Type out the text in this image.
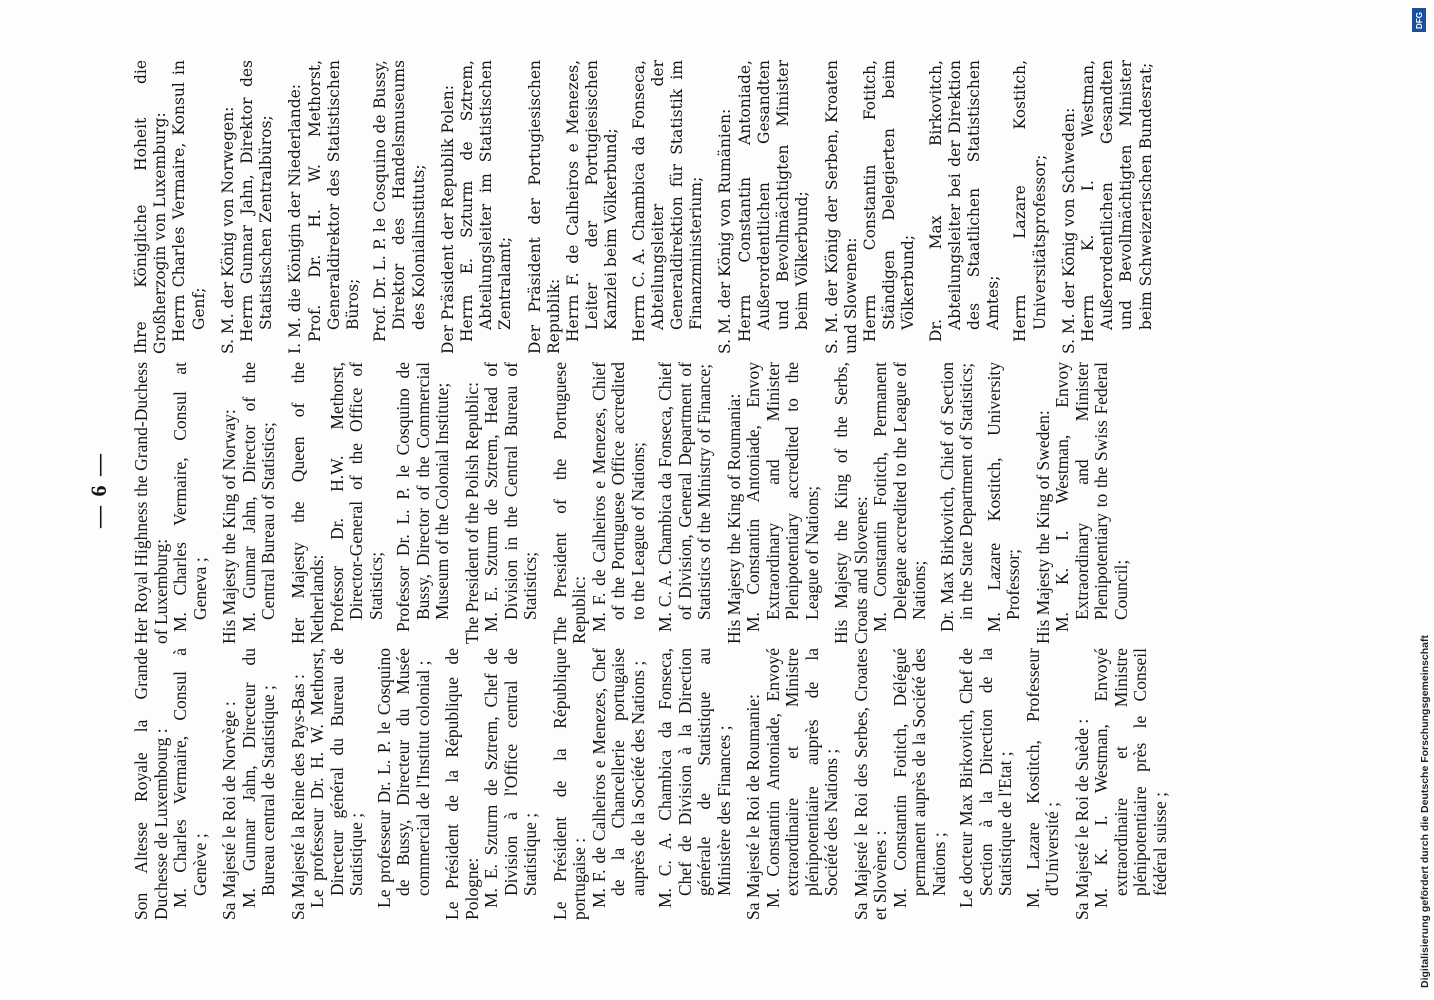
— 6 —
Son Altesse Royale la Grande Duchesse de Luxembourg : M. Charles Vermaire, Consul à Genève ; Sa Majesté le Roi de Norvège : M. Gunnar Jahn, Directeur du Bureau central de Statistique ; Sa Majesté la Reine des Pays-Bas : Le professeur Dr. H. W. Methorst, Directeur général du Bureau de Statistique ; Le professeur Dr. L. P. le Cosquino de Bussy, Directeur du Musée commercial de l'Institut colonial ; Le Président de la République de Pologne: M. E. Szturm de Sztrem, Chef de Division à l'Office central de Statistique ; Le Président de la République portugaise : M. F. de Calheiros e Menezes, Chef de la Chancellerie portugaise auprès de la Société des Nations ; M. C. A. Chambica da Fonseca, Chef de Division à la Direction générale de Statistique au Ministère des Finances ; Sa Majesté le Roi de Roumanie: M. Constantin Antoniade, Envoyé extraordinaire et Ministre plénipotentiaire auprès de la Société des Nations ; Sa Majesté le Roi des Serbes, Croates et Slovènes : M. Constantin Fotitch, Délégué permanent auprès de la Société des Nations ; Le docteur Max Birkovitch, Chef de Section à la Direction de la Statistique de l'Etat ; M. Lazare Kostitch, Professeur d'Université ; Sa Majesté le Roi de Suède : M. K. I. Westman, Envoyé extraordinaire et Ministre plénipotentiaire près le Conseil fédéral suisse ;
Her Royal Highness the Grand-Duchess of Luxemburg: M. Charles Vermaire, Consul at Geneva ; His Majesty the King of Norway: M. Gunnar Jahn, Director of the Central Bureau of Statistics; Her Majesty the Queen of the Netherlands: Professor Dr. H.W. Methorst, Director-General of the Office of Statistics; Professor Dr. L. P. le Cosquino de Bussy, Director of the Commercial Museum of the Colonial Institute; The President of the Polish Republic: M. E. Szturm de Sztrem, Head of Division in the Central Bureau of Statistics; The President of the Portuguese Republic: M. F. de Calheiros e Menezes, Chief of the Portuguese Office accredited to the League of Nations; M. C. A. Chambica da Fonseca, Chief of Division, General Department of Statistics of the Ministry of Finance; His Majesty the King of Roumania: M. Constantin Antoniade, Envoy Extraordinary and Minister Plenipotentiary accredited to the League of Nations; His Majesty the King of the Serbs, Croats and Slovenes: M. Constantin Fotitch, Permanent Delegate accredited to the League of Nations; Dr. Max Birkovitch, Chief of Section in the State Department of Statistics; M. Lazare Kostitch, University Professor; His Majesty the King of Sweden: M. K. I. Westman, Envoy Extraordinary and Minister Plenipotentiary to the Swiss Federal Council;
Ihre Königliche Hoheit die Großherzogin von Luxemburg: Herrn Charles Vermaire, Konsul in Genf; S. M. der König von Norwegen: Herrn Gunnar Jahn, Direktor des Statistischen Zentralbüros; I. M. die Königin der Niederlande: Prof. Dr. H. W. Methorst, Generaldirektor des Statistischen Büros; Prof. Dr. L. P. le Cosquino de Bussy, Direktor des Handelsmuseums des Kolonialinstituts; Der Präsident der Republik Polen: Herrn E. Szturm de Sztrem, Abteilungsleiter im Statistischen Zentralamt; Der Präsident der Portugiesischen Republik: Herrn F. de Calheiros e Menezes, Leiter der Portugiesischen Kanzlei beim Völkerbund; Herrn C. A. Chambica da Fonseca, Abteilungsleiter der Generaldirektion für Statistik im Finanzministerium; S. M. der König von Rumänien: Herrn Constantin Antoniade, Außerordentlichen Gesandten und Bevollmächtigten Minister beim Völkerbund; S. M. der König der Serben, Kroaten und Slowenen: Herrn Constantin Fotitch, Ständigen Delegierten beim Völkerbund; Dr. Max Birkovitch, Abteilungsleiter bei der Direktion des Staatlichen Statistischen Amtes; Herrn Lazare Kostitch, Universitätsprofessor; S. M. der König von Schweden: Herrn K. I. Westman, Außerordentlichen Gesandten und Bevollmächtigten Minister beim Schweizerischen Bundesrat;
DFG
Digitalisierung gefördert durch die Deutsche Forschungsgemeinschaft
